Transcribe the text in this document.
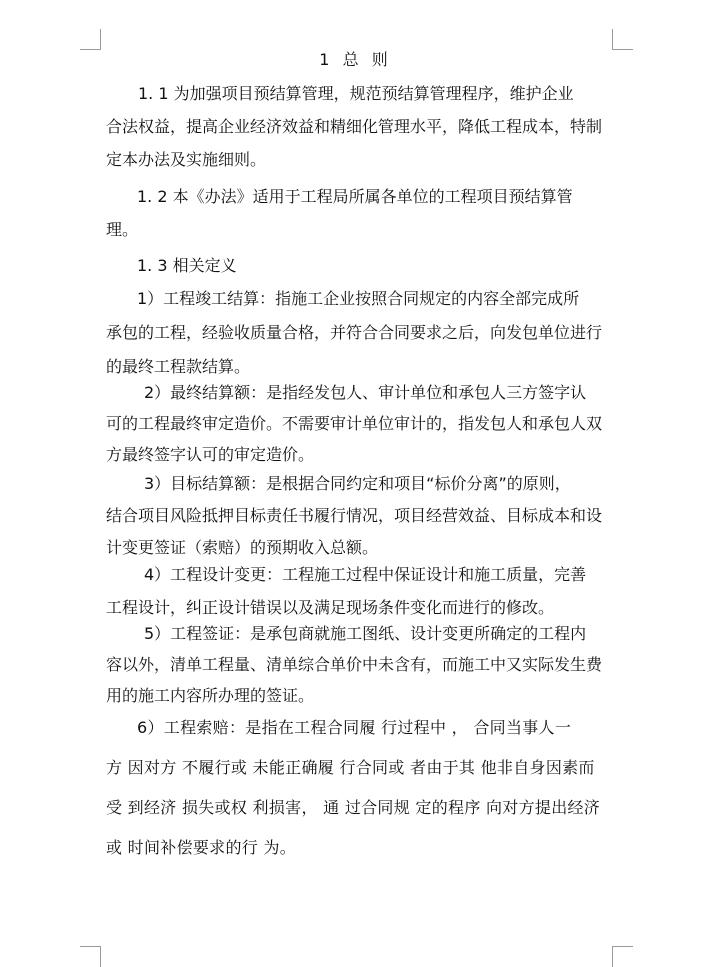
1  总  则

1. 1 为加强项目预结算管理，规范预结算管理程序，维护企业
合法权益，提高企业经济效益和精细化管理水平，降低工程成本，特制定本办法及实施细则。

1. 2 本《办法》适用于工程局所属各单位的工程项目预结算管
理。

1. 3 相关定义

1）工程竣工结算：指施工企业按照合同规定的内容全部完成所
承包的工程，经验收质量合格，并符合合同要求之后，向发包单位进行的最终工程款结算。

2）最终结算额：是指经发包人、审计单位和承包人三方签字认
可的工程最终审定造价。不需要审计单位审计的，指发包人和承包人双方最终签字认可的审定造价。

3）目标结算额：是根据合同约定和项目“标价分离”的原则，
结合项目风险抵押目标责任书履行情况，项目经营效益、目标成本和设计变更签证（索赔）的预期收入总额。

4）工程设计变更：工程施工过程中保证设计和施工质量，完善
工程设计，纠正设计错误以及满足现场条件变化而进行的修改。

5）工程签证：是承包商就施工图纸、设计变更所确定的工程内
容以外，清单工程量、清单综合单价中未含有，而施工中又实际发生费用的施工内容所办理的签证。

6）工程索赔：是指在工程合同履 行过程中 ， 合同当事人一
方 因对方 不履行或 未能正确履 行合同或 者由于其 他非自身因素而受 到经济 损失或权 利损害， 通 过合同规 定的程序 向对方提出经济或 时间补偿要求的行 为。
